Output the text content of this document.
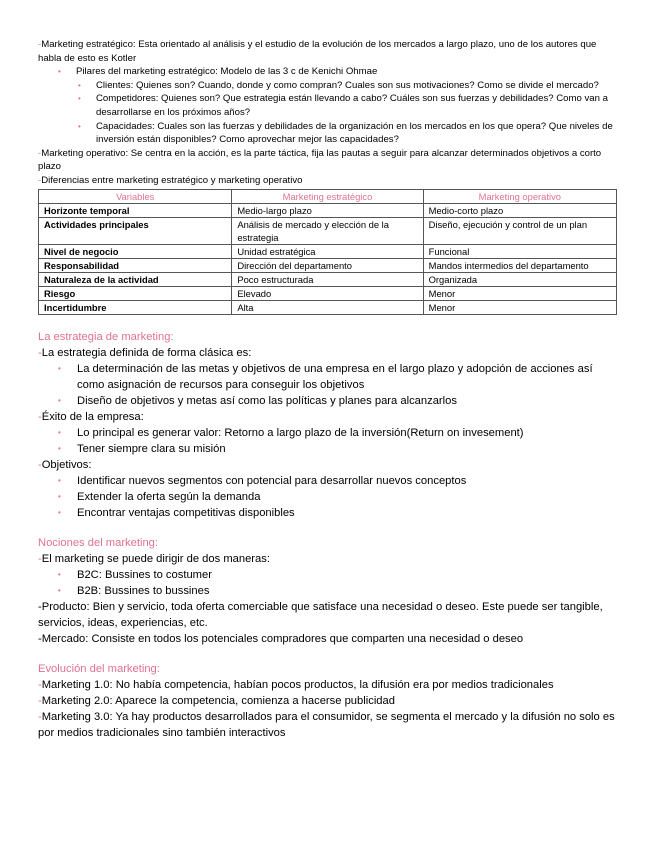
-Marketing estratégico: Esta orientado al análisis y el estudio de la evolución de los mercados a largo plazo, uno de los autores que habla de esto es Kotler

• Pilares del marketing estratégico: Modelo de las 3 c de Kenichi Ohmae
• Clientes: Quienes son? Cuando, donde y como compran? Cuales son sus motivaciones? Como se divide el mercado?
• Competidores: Quienes son? Que estrategia están llevando a cabo? Cuáles son sus fuerzas y debilidades? Como van a desarrollarse en los próximos años?
• Capacidades: Cuales son las fuerzas y debilidades de la organización en los mercados en los que opera? Que niveles de inversión están disponibles? Como aprovechar mejor las capacidades?

-Marketing operativo: Se centra en la acción, es la parte táctica, fija las pautas a seguir para alcanzar determinados objetivos a corto plazo

-Diferencias entre marketing estratégico y marketing operativo

Variables	Marketing estratégico	Marketing operativo
Horizonte temporal	Medio-largo plazo	Medio-corto plazo
Actividades principales	Análisis de mercado y elección de la estrategia	Diseño, ejecución y control de un plan
Nivel de negocio	Unidad estratégica	Funcional
Responsabilidad	Dirección del departamento	Mandos intermedios del departamento
Naturaleza de la actividad	Poco estructurada	Organizada
Riesgo	Elevado	Menor
Incertidumbre	Alta	Menor

La estrategia de marketing:

-La estrategia definida de forma clásica es:

• La determinación de las metas y objetivos de una empresa en el largo plazo y adopción de acciones así como asignación de recursos para conseguir los objetivos
• Diseño de objetivos y metas así como las políticas y planes para alcanzarlos

-Éxito de la empresa:

• Lo principal es generar valor: Retorno a largo plazo de la inversión(Return on invesement)
• Tener siempre clara su misión

-Objetivos:

• Identificar nuevos segmentos con potencial para desarrollar nuevos conceptos
• Extender la oferta según la demanda
• Encontrar ventajas competitivas disponibles

Nociones del marketing:

-El marketing se puede dirigir de dos maneras:

• B2C: Bussines to costumer
• B2B: Bussines to bussines

-Producto: Bien y servicio, toda oferta comerciable que satisface una necesidad o deseo. Este puede ser tangible, servicios, ideas, experiencias, etc.

-Mercado: Consiste en todos los potenciales compradores que comparten una necesidad o deseo

Evolución del marketing:

-Marketing 1.0: No había competencia, habían pocos productos, la difusión era por medios tradicionales

-Marketing 2.0: Aparece la competencia, comienza a hacerse publicidad

-Marketing 3.0: Ya hay productos desarrollados para el consumidor, se segmenta el mercado y la difusión no solo es por medios tradicionales sino también interactivos
